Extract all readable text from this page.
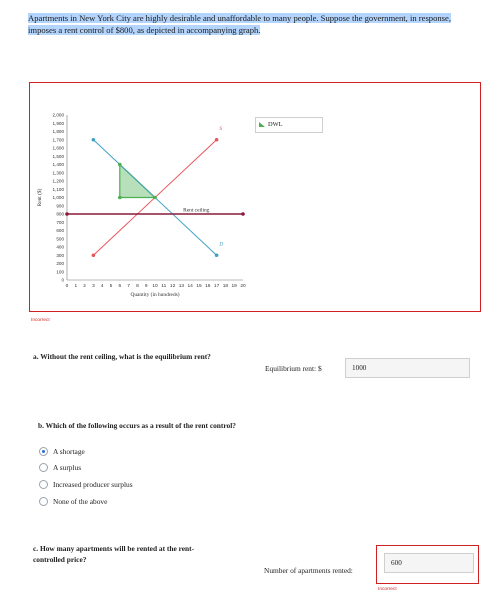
Apartments in New York City are highly desirable and unaffordable to many people. Suppose the government, in response, imposes a rent control of $800, as depicted in accompanying graph.
0
100
200
300
400
500
600
700
800
900
1,000
1,100
1,200
1,300
1,400
1,500
1,600
1,700
1,800
1,900
2,000
0 1 2 3 4 5 6 7 8 9 10 11 12 13 14 15 16 17 18 19 20
Quantity (in hundreds)
Rent ($)
S
D
Rent ceiling
DWL
Incorrect
a. Without the rent ceiling, what is the equilibrium rent?
Equilibrium rent: $	1000
b. Which of the following occurs as a result of the rent control?
A shortage
A surplus
Increased producer surplus
None of the above
c. How many apartments will be rented at the rent-controlled price?
Number of apartments rented:
600
Incorrect
